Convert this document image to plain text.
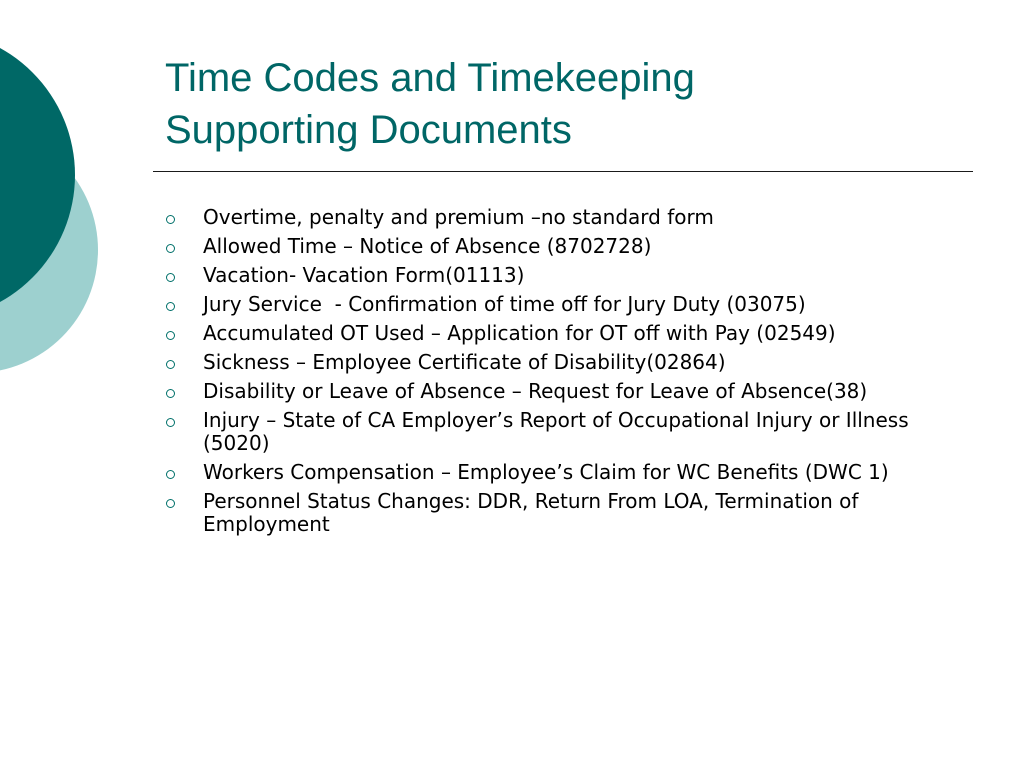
Time Codes and Timekeeping
Supporting Documents
Overtime, penalty and premium –no standard form
Allowed Time – Notice of Absence (8702728)
Vacation- Vacation Form(01113)
Jury Service  - Confirmation of time off for Jury Duty (03075)
Accumulated OT Used – Application for OT off with Pay (02549)
Sickness – Employee Certificate of Disability(02864)
Disability or Leave of Absence – Request for Leave of Absence(38)
Injury – State of CA Employer’s Report of Occupational Injury or Illness (5020)
Workers Compensation – Employee’s Claim for WC Benefits (DWC 1)
Personnel Status Changes: DDR, Return From LOA, Termination of Employment
